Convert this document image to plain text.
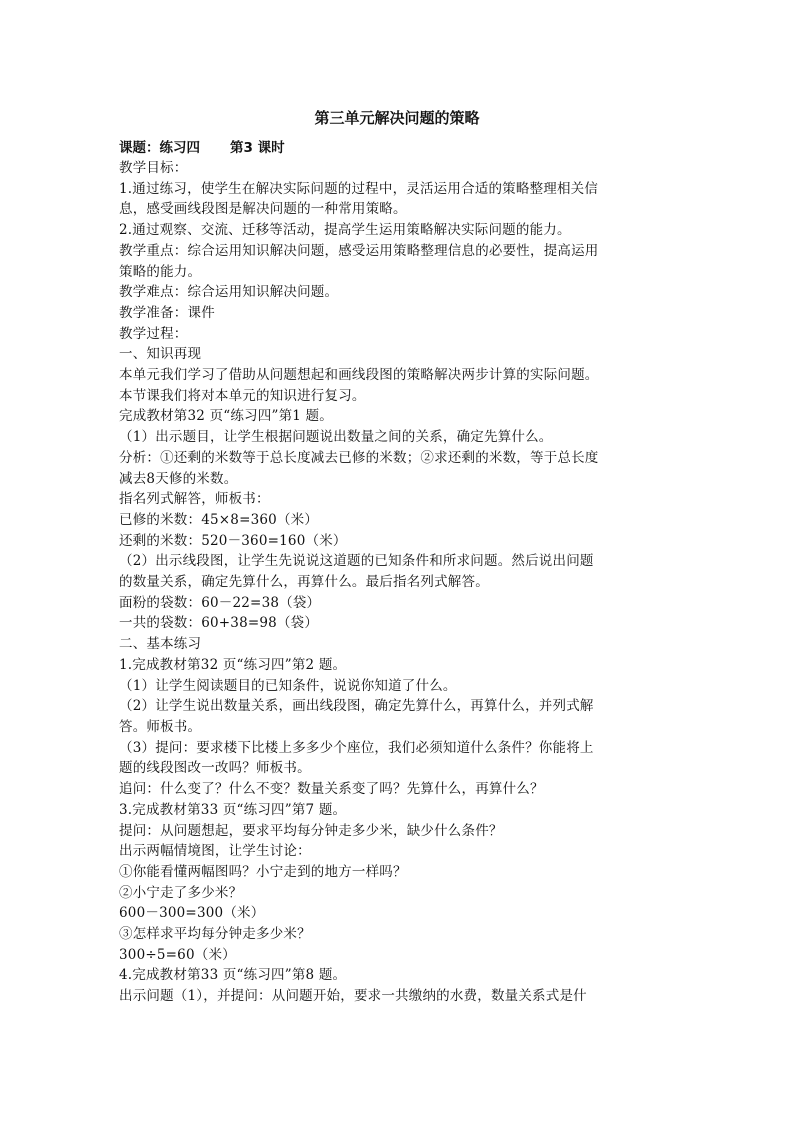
第三单元解决问题的策略
课题：练习四 第3 课时
教学目标：
1.通过练习，使学生在解决实际问题的过程中，灵活运用合适的策略整理相关信
息，感受画线段图是解决问题的一种常用策略。
2.通过观察、交流、迁移等活动，提高学生运用策略解决实际问题的能力。
教学重点：综合运用知识解决问题，感受运用策略整理信息的必要性，提高运用
策略的能力。
教学难点：综合运用知识解决问题。
教学准备：课件
教学过程：
一、知识再现
本单元我们学习了借助从问题想起和画线段图的策略解决两步计算的实际问题。
本节课我们将对本单元的知识进行复习。
完成教材第32 页“练习四”第1 题。
（1）出示题目，让学生根据问题说出数量之间的关系，确定先算什么。
分析：①还剩的米数等于总长度减去已修的米数；②求还剩的米数，等于总长度
减去8天修的米数。
指名列式解答，师板书：
已修的米数：45×8=360（米）
还剩的米数：520－360=160（米）
（2）出示线段图，让学生先说说这道题的已知条件和所求问题。然后说出问题
的数量关系，确定先算什么，再算什么。最后指名列式解答。
面粉的袋数：60－22=38（袋）
一共的袋数：60+38=98（袋）
二、基本练习
1.完成教材第32 页“练习四”第2 题。
（1）让学生阅读题目的已知条件，说说你知道了什么。
（2）让学生说出数量关系，画出线段图，确定先算什么，再算什么，并列式解
答。师板书。
（3）提问：要求楼下比楼上多多少个座位，我们必须知道什么条件？你能将上
题的线段图改一改吗？师板书。
追问：什么变了？什么不变？数量关系变了吗？先算什么，再算什么？
3.完成教材第33 页“练习四”第7 题。
提问：从问题想起，要求平均每分钟走多少米，缺少什么条件？
出示两幅情境图，让学生讨论：
①你能看懂两幅图吗？小宁走到的地方一样吗？
②小宁走了多少米？
600－300=300（米）
③怎样求平均每分钟走多少米？
300÷5=60（米）
4.完成教材第33 页“练习四”第8 题。
出示问题（1），并提问：从问题开始，要求一共缴纳的水费，数量关系式是什
